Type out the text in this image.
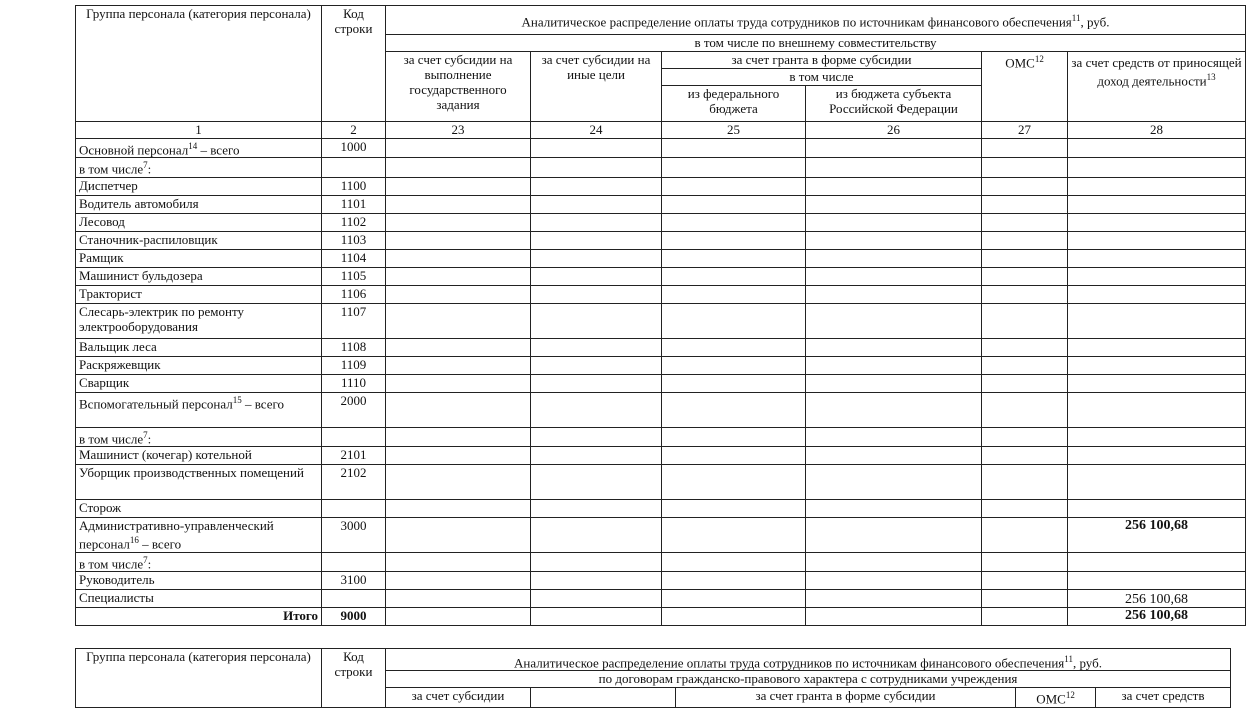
Группа персонала (категория персонала)	Код строки	Аналитическое распределение оплаты труда сотрудников по источникам финансового обеспечения$^{11}$, руб.					
		в том числе по внешнему совместительству					
		за счет субсидии на выполнение государственного задания	за счет субсидии на иные цели	за счет гранта в форме субсидии		ОМС$^{12}$	за счет средств от приносящей доход деятельности$^{13}$
				в том числе			
				из федерального бюджета	из бюджета субъекта Российской Федерации		
1	2	23	24	25	26	27	28
Основной персонал$^{14}$ – всего	1000						
в том числе$^7$:							
Диспетчер	1100						
Водитель автомобиля	1101						
Лесовод	1102						
Станочник-распиловщик	1103						
Рамщик	1104						
Машинист бульдозера	1105						
Тракторист	1106						
Слесарь-электрик по ремонту электрооборудования	1107						
Вальщик леса	1108						
Раскряжевщик	1109						
Сварщик	1110						
Вспомогательный персонал$^{15}$ – всего	2000						
в том числе$^7$:							
Машинист (кочегар) котельной	2101						
Уборщик производственных помещений	2102						
Сторож							
Административно-управленческий персонал$^{16}$ – всего	3000						256 100,68
в том числе$^7$:							
Руководитель	3100						
Специалисты							256 100,68
Итого	9000						256 100,68
Группа персонала (категория персонала)	Код строки	Аналитическое распределение оплаты труда сотрудников по источникам финансового обеспечения$^{11}$, руб.				
		по договорам гражданско-правового характера с сотрудниками учреждения				
		за счет субсидии		за счет гранта в форме субсидии	ОМС$^{12}$	за счет средств
